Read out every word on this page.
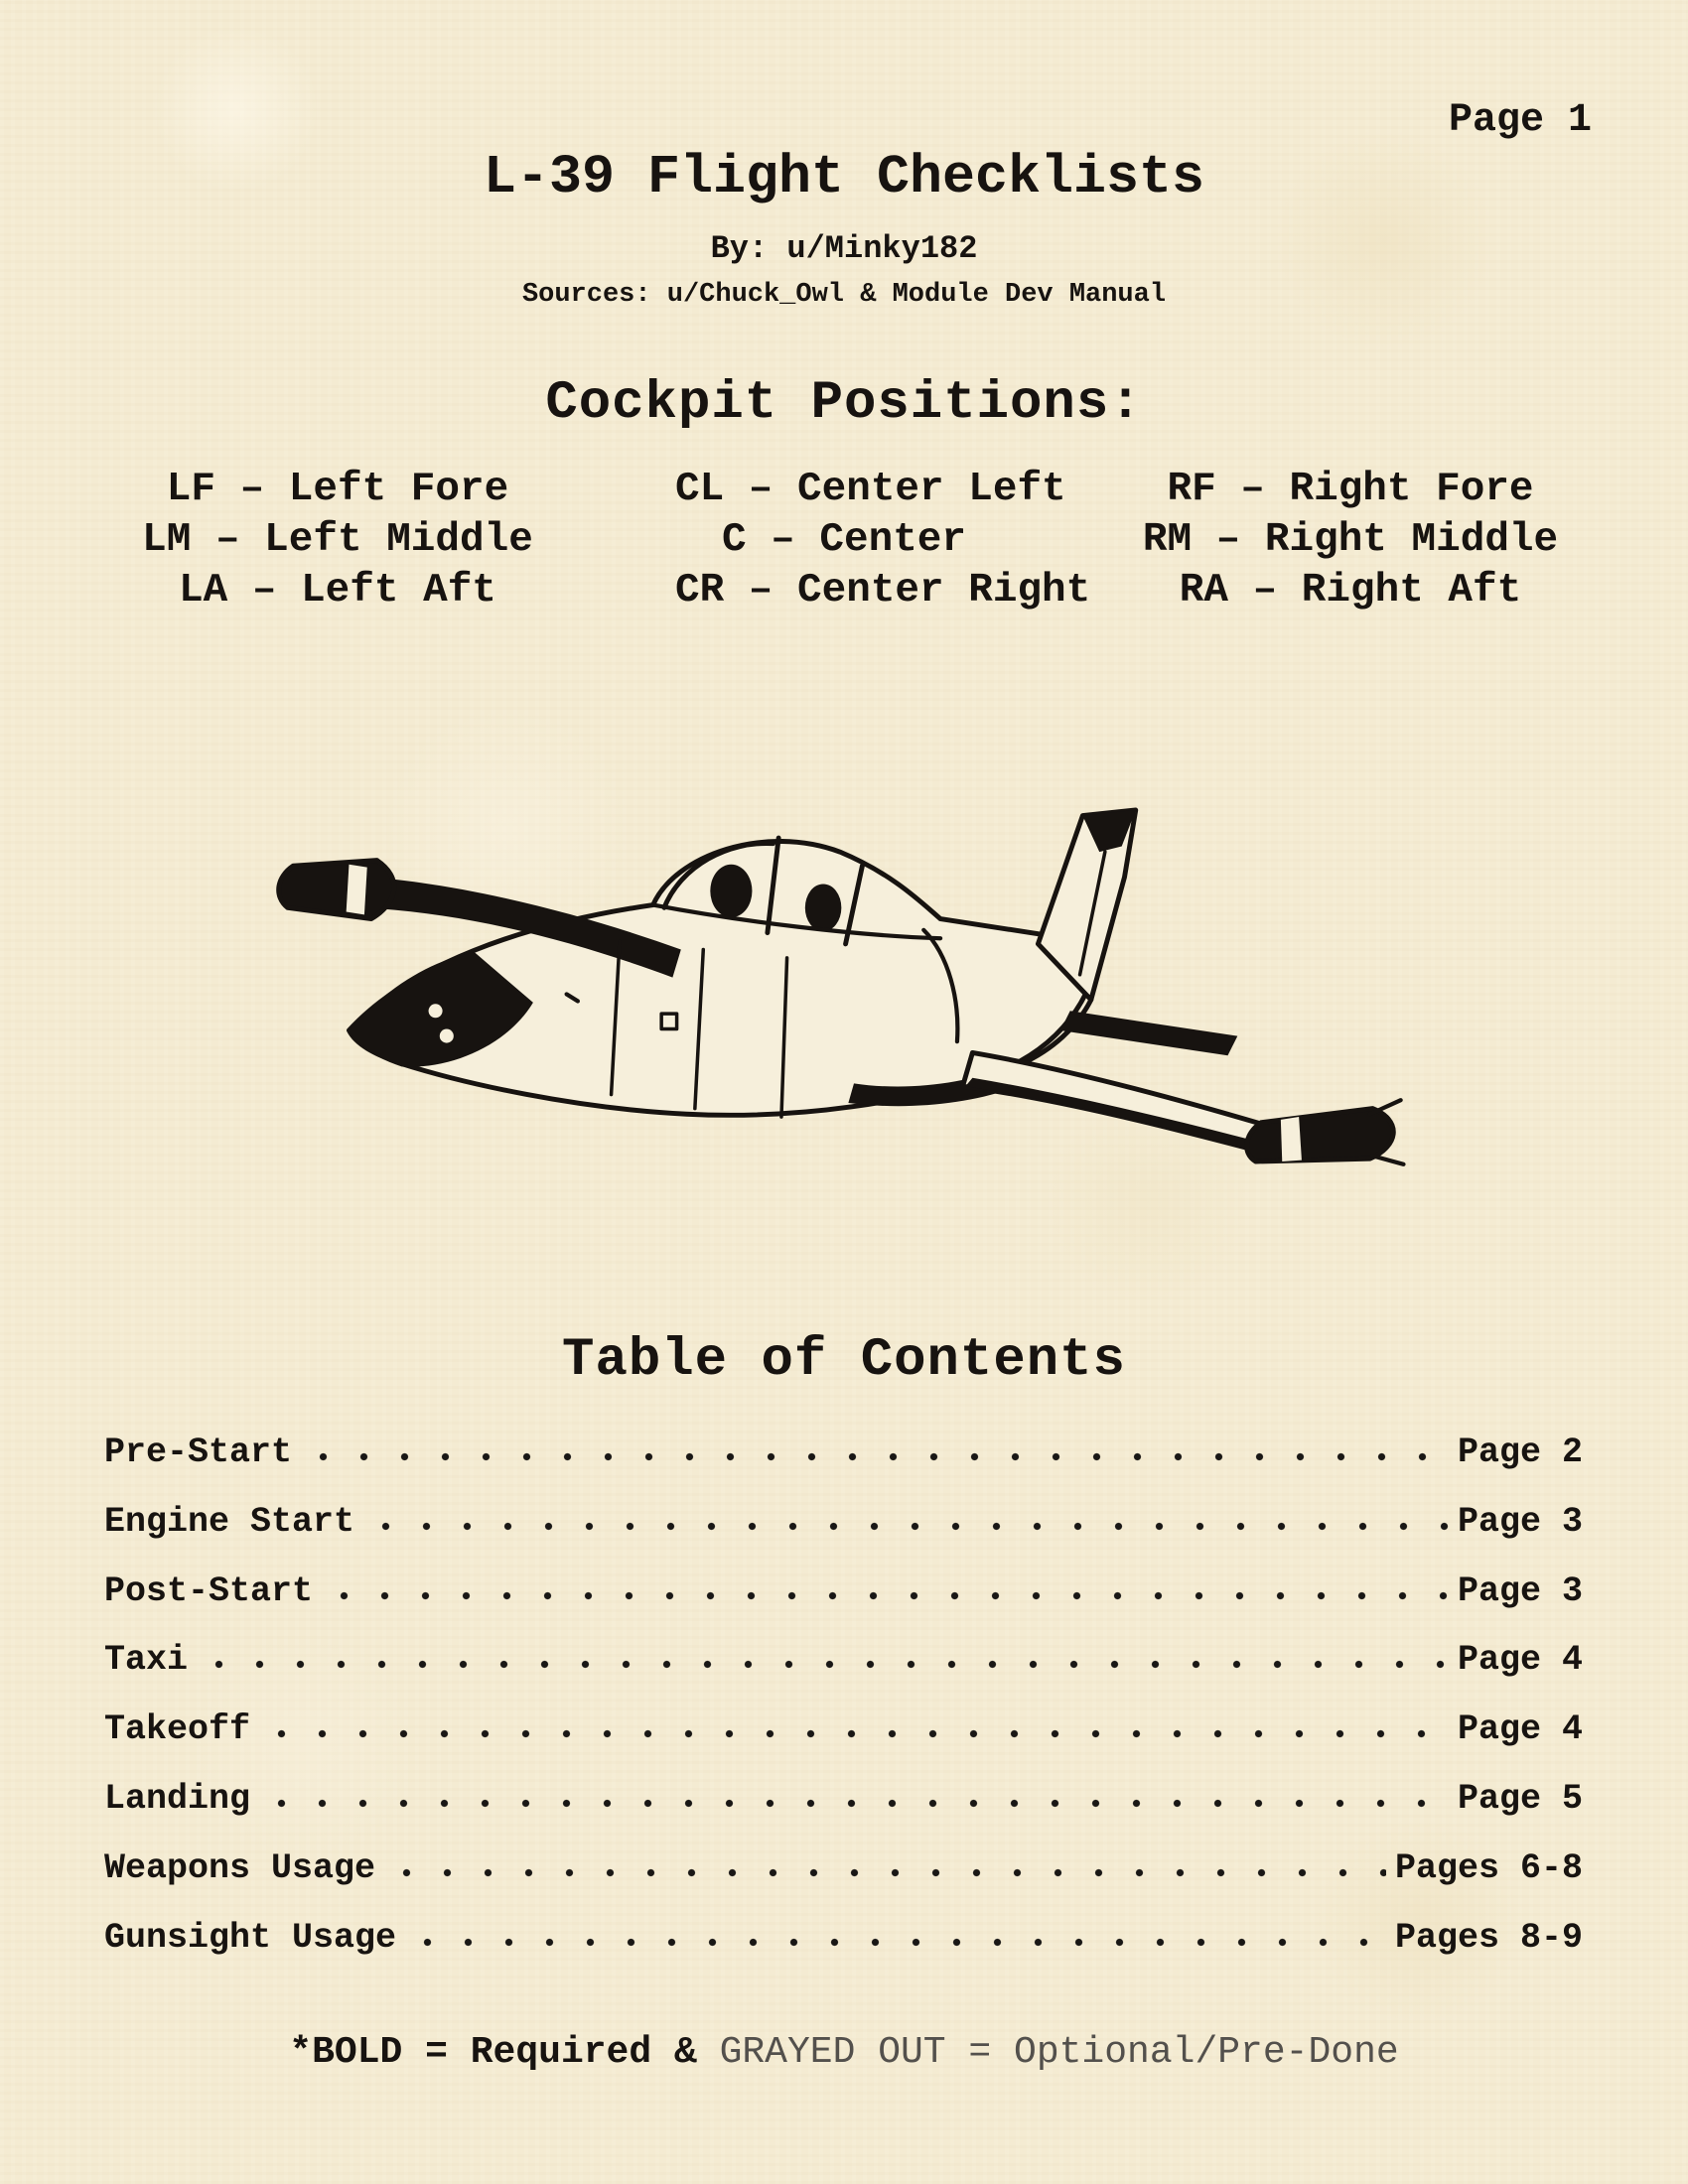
Page 1
L-39 Flight Checklists
By: u/Minky182
Sources: u/Chuck_Owl & Module Dev Manual
Cockpit Positions:
LF – Left Fore	CL – Center Left	RF – Right Fore
LM – Left Middle	C – Center	RM – Right Middle
LA – Left Aft	CR – Center Right	RA – Right Aft
Table of Contents
Pre-Start	Page 2
Engine Start	Page 3
Post-Start	Page 3
Taxi	Page 4
Takeoff	Page 4
Landing	Page 5
Weapons Usage	Pages 6-8
Gunsight Usage	Pages 8-9
*BOLD = Required & GRAYED OUT = Optional/Pre-Done
